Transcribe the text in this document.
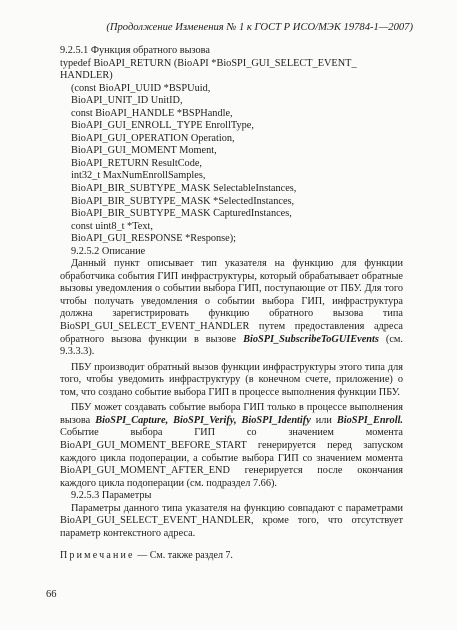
(Продолжение Изменения № 1 к ГОСТ Р ИСО/МЭК 19784-1—2007)
9.2.5.1 Функция обратного вызова
typedef BioAPI_RETURN (BioAPI *BioSPI_GUI_SELECT_EVENT_
HANDLER)
(const BioAPI_UUID *BSPUuid,
BioAPI_UNIT_ID UnitID,
const BioAPI_HANDLE *BSPHandle,
BioAPI_GUI_ENROLL_TYPE EnrollType,
BioAPI_GUI_OPERATION Operation,
BioAPI_GUI_MOMENT Moment,
BioAPI_RETURN ResultCode,
int32_t MaxNumEnrollSamples,
BioAPI_BIR_SUBTYPE_MASK SelectableInstances,
BioAPI_BIR_SUBTYPE_MASK *SelectedInstances,
BioAPI_BIR_SUBTYPE_MASK CapturedInstances,
const uint8_t *Text,
BioAPI_GUI_RESPONSE *Response);
9.2.5.2 Описание
Данный пункт описывает тип указателя на функцию для функции обработчика события ГИП инфраструктуры, который обрабатывает обратные вызовы уведомления о событии выбора ГИП, поступающие от ПБУ. Для того чтобы получать уведомления о событии выбора ГИП, инфраструктура должна зарегистрировать функцию обратного вызова типа BioSPI_GUI_SELECT_EVENT_HANDLER путем предоставления адреса обратного вызова функции в вызове BioSPI_SubscribeToGUIEvents (см. 9.3.3.3).
ПБУ производит обратный вызов функции инфраструктуры этого типа для того, чтобы уведомить инфраструктуру (в конечном счете, приложение) о том, что создано событие выбора ГИП в процессе выполнения функции ПБУ.
ПБУ может создавать событие выбора ГИП только в процессе выполнения вызова BioSPI_Capture, BioSPI_Verify, BioSPI_Identify или BioSPI_Enroll. Событие выбора ГИП со значением момента BioAPI_GUI_MOMENT_BEFORE_START генерируется перед запуском каждого цикла подоперации, а событие выбора ГИП со значением момента BioAPI_GUI_MOMENT_AFTER_END генерируется после окончания каждого цикла подоперации (см. подраздел 7.66).
9.2.5.3 Параметры
Параметры данного типа указателя на функцию совпадают с параметрами BioAPI_GUI_SELECT_EVENT_HANDLER, кроме того, что отсутствует параметр контекстного адреса.
Примечание — См. также раздел 7.
66
